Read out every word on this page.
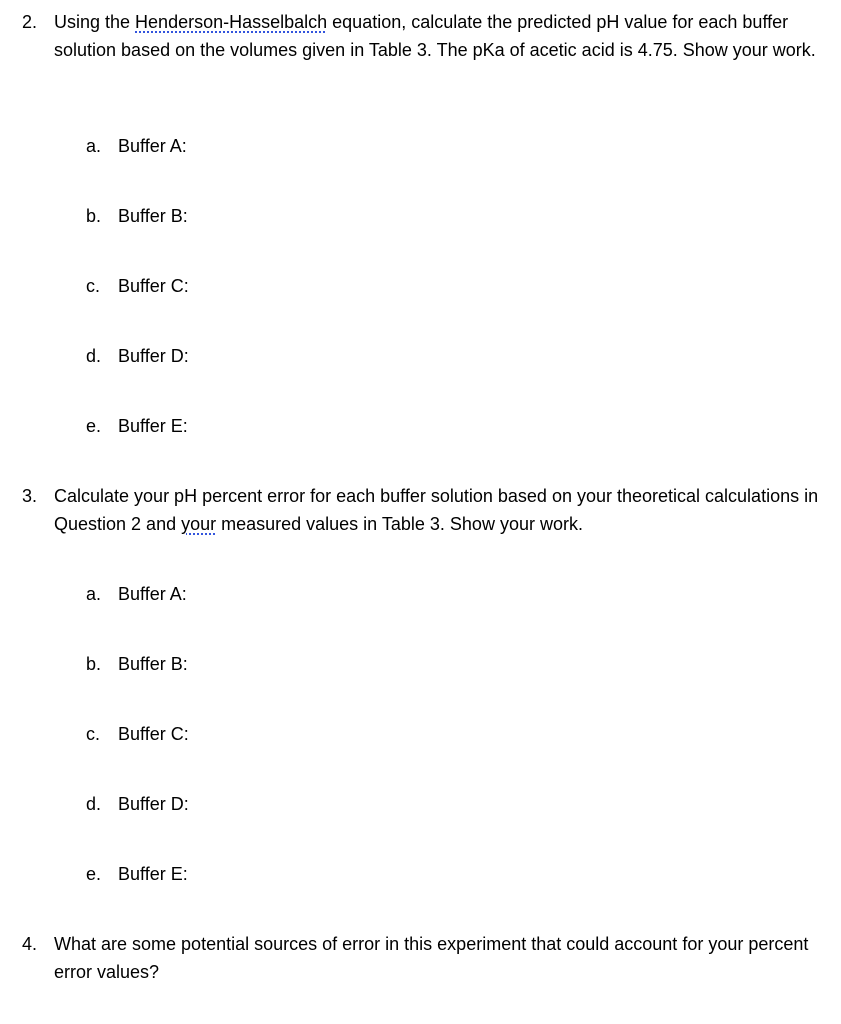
2. Using the Henderson-Hasselbalch equation, calculate the predicted pH value for each buffer solution based on the volumes given in Table 3. The pKa of acetic acid is 4.75. Show your work.
a. Buffer A:
b. Buffer B:
c. Buffer C:
d. Buffer D:
e. Buffer E:
3. Calculate your pH percent error for each buffer solution based on your theoretical calculations in Question 2 and your measured values in Table 3. Show your work.
a. Buffer A:
b. Buffer B:
c. Buffer C:
d. Buffer D:
e. Buffer E:
4. What are some potential sources of error in this experiment that could account for your percent error values?
